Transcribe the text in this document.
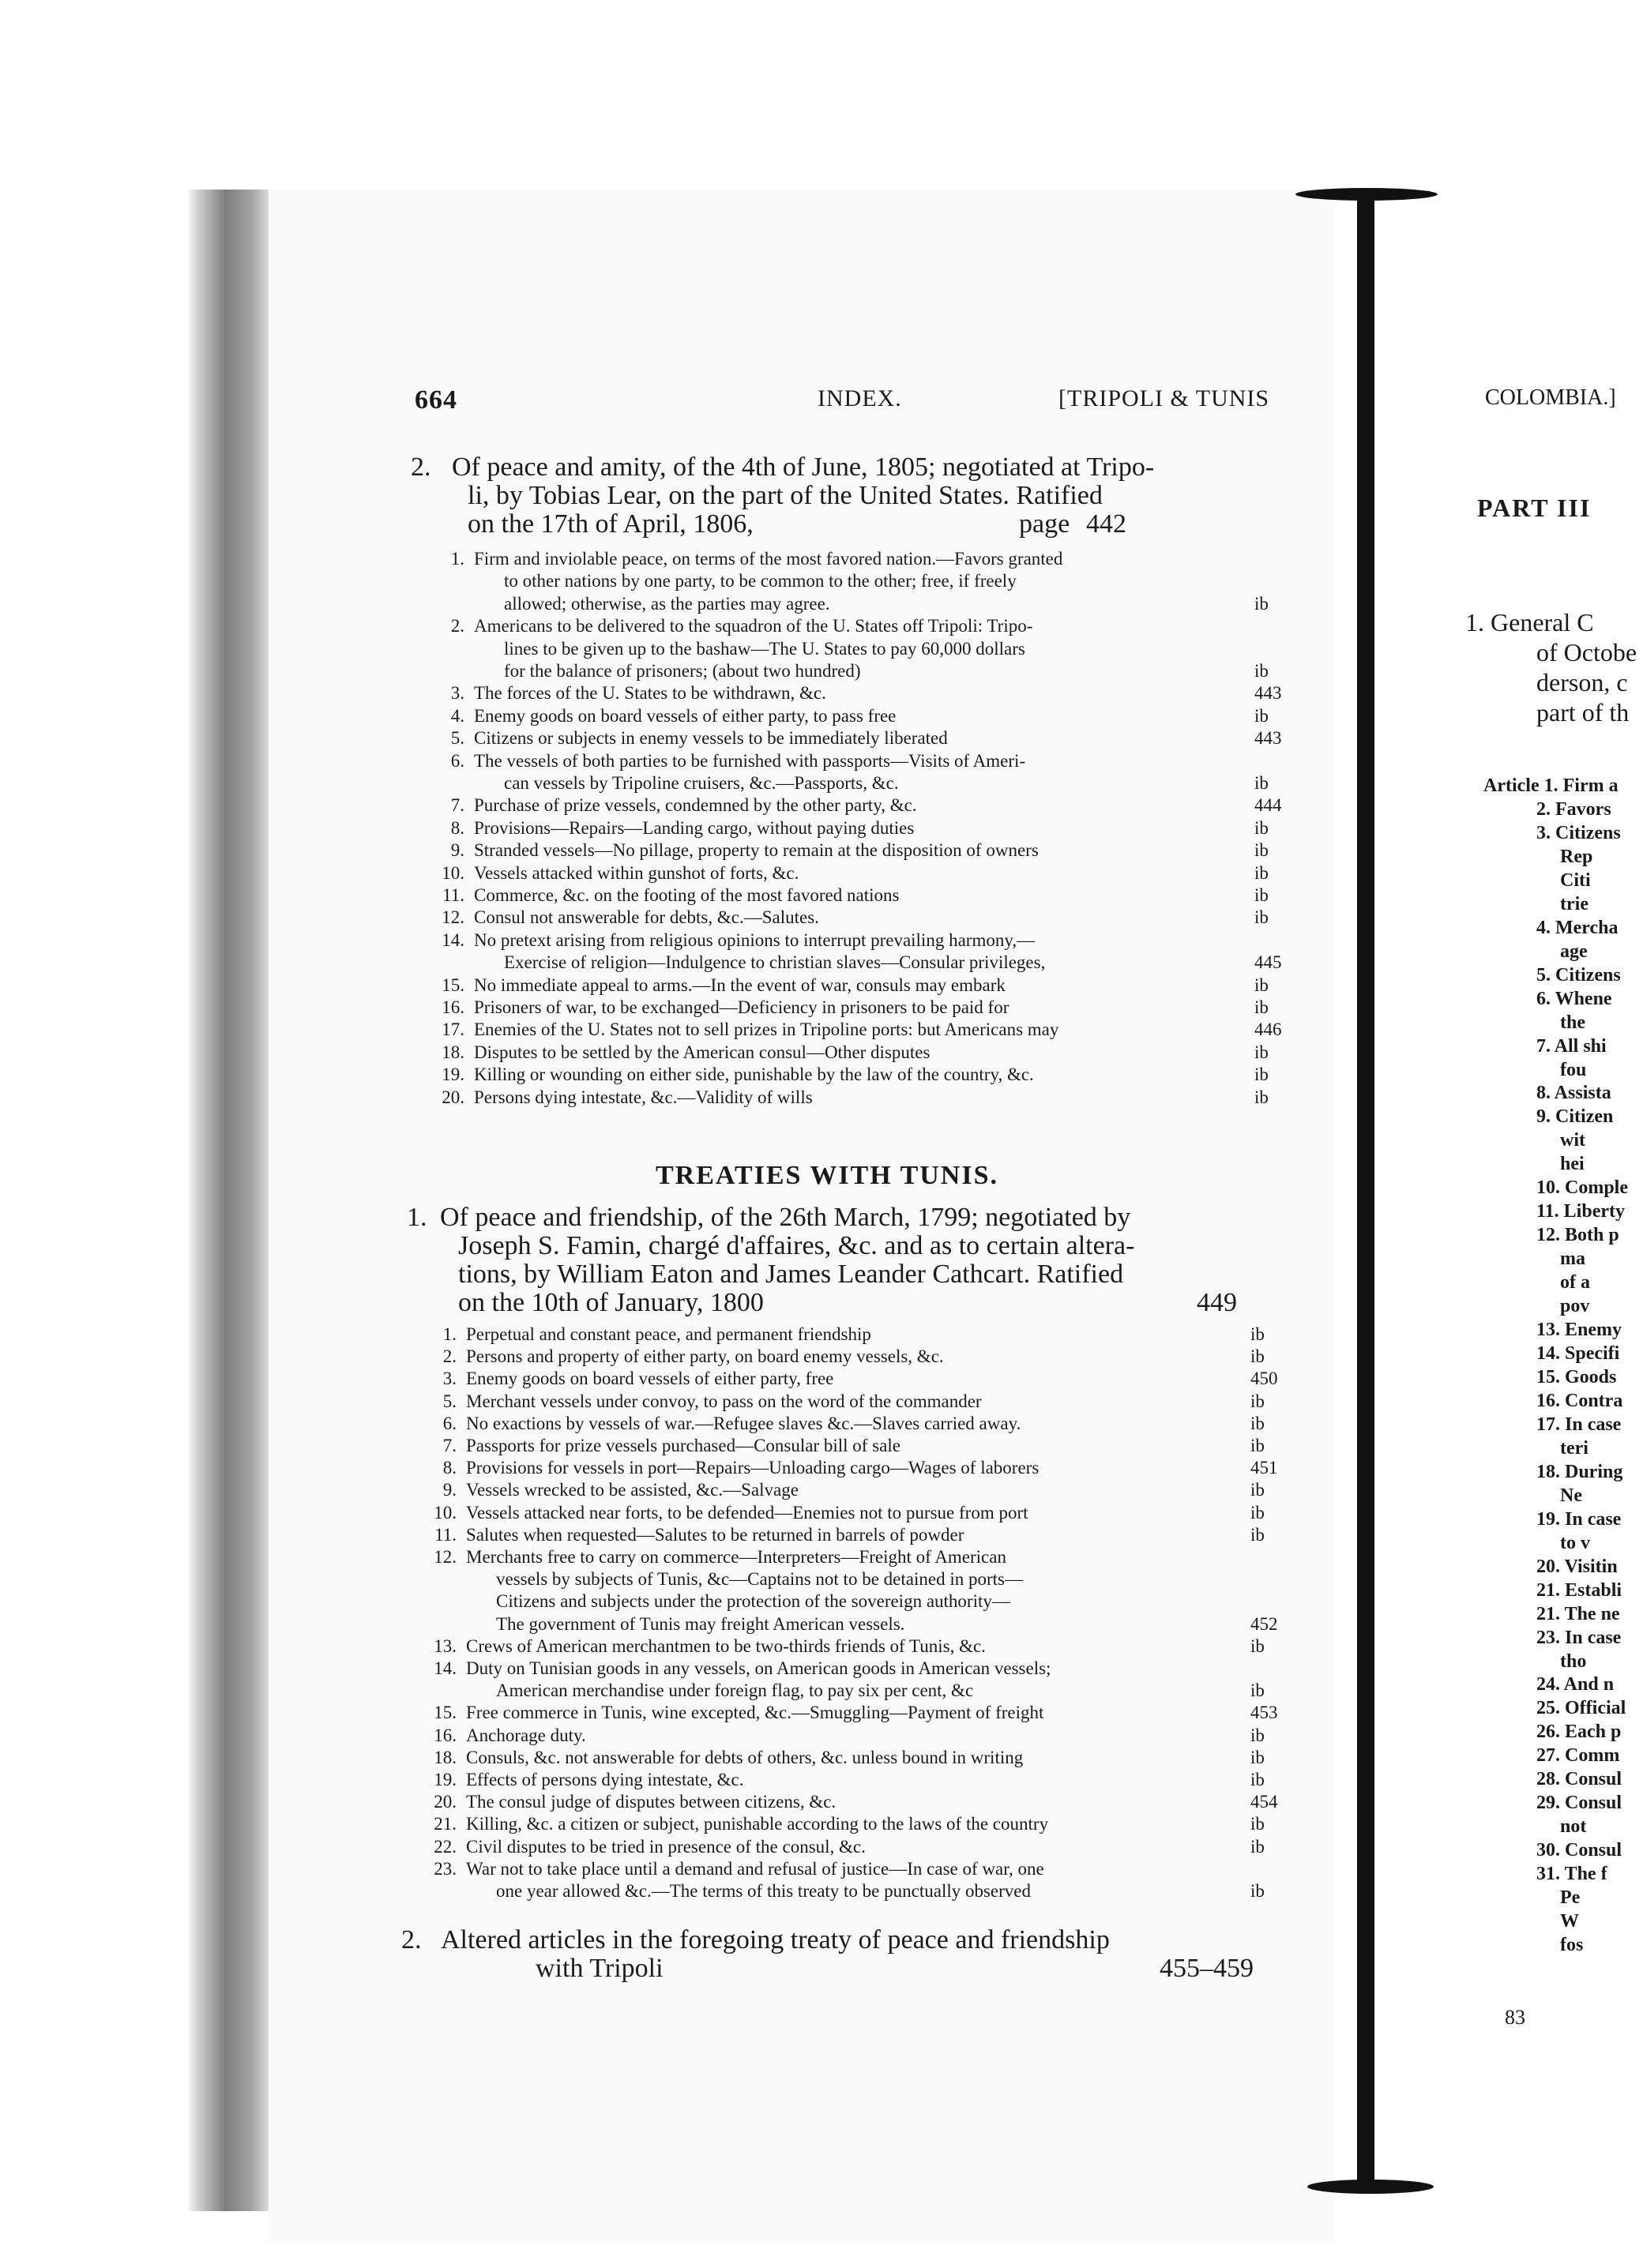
664	INDEX.	[TRIPOLI & TUNIS
2. Of peace and amity, of the 4th of June, 1805; negotiated at Tripo-
li, by Tobias Lear, on the part of the United States. Ratified
on the 17th of April, 1806,	page 442
1. Firm and inviolable peace, on terms of the most favored nation.—Favors granted
to other nations by one party, to be common to the other; free, if freely
allowed; otherwise, as the parties may agree.	ib
2. Americans to be delivered to the squadron of the U. States off Tripoli: Tripo-
lines to be given up to the bashaw—The U. States to pay 60,000 dollars
for the balance of prisoners; (about two hundred)	ib
3. The forces of the U. States to be withdrawn, &c.	443
4. Enemy goods on board vessels of either party, to pass free	ib
5. Citizens or subjects in enemy vessels to be immediately liberated	443
6. The vessels of both parties to be furnished with passports—Visits of Ameri-
can vessels by Tripoline cruisers, &c.—Passports, &c.	ib
7. Purchase of prize vessels, condemned by the other party, &c.	444
8. Provisions—Repairs—Landing cargo, without paying duties	ib
9. Stranded vessels—No pillage, property to remain at the disposition of owners	ib
10. Vessels attacked within gunshot of forts, &c.	ib
11. Commerce, &c. on the footing of the most favored nations	ib
12. Consul not answerable for debts, &c.—Salutes.	ib
14. No pretext arising from religious opinions to interrupt prevailing harmony,—
Exercise of religion—Indulgence to christian slaves—Consular privileges,	445
15. No immediate appeal to arms.—In the event of war, consuls may embark	ib
16. Prisoners of war, to be exchanged—Deficiency in prisoners to be paid for	ib
17. Enemies of the U. States not to sell prizes in Tripoline ports: but Americans may	446
18. Disputes to be settled by the American consul—Other disputes	ib
19. Killing or wounding on either side, punishable by the law of the country, &c.	ib
20. Persons dying intestate, &c.—Validity of wills	ib
TREATIES WITH TUNIS.
1. Of peace and friendship, of the 26th March, 1799; negotiated by
Joseph S. Famin, chargé d'affaires, &c. and as to certain altera-
tions, by William Eaton and James Leander Cathcart. Ratified
on the 10th of January, 1800	449
1. Perpetual and constant peace, and permanent friendship	ib
2. Persons and property of either party, on board enemy vessels, &c.	ib
3. Enemy goods on board vessels of either party, free	450
5. Merchant vessels under convoy, to pass on the word of the commander	ib
6. No exactions by vessels of war.—Refugee slaves &c.—Slaves carried away.	ib
7. Passports for prize vessels purchased—Consular bill of sale	ib
8. Provisions for vessels in port—Repairs—Unloading cargo—Wages of laborers	451
9. Vessels wrecked to be assisted, &c.—Salvage	ib
10. Vessels attacked near forts, to be defended—Enemies not to pursue from port	ib
11. Salutes when requested—Salutes to be returned in barrels of powder	ib
12. Merchants free to carry on commerce—Interpreters—Freight of American
vessels by subjects of Tunis, &c—Captains not to be detained in ports—
Citizens and subjects under the protection of the sovereign authority—
The government of Tunis may freight American vessels.	452
13. Crews of American merchantmen to be two-thirds friends of Tunis, &c.	ib
14. Duty on Tunisian goods in any vessels, on American goods in American vessels;
American merchandise under foreign flag, to pay six per cent, &c	ib
15. Free commerce in Tunis, wine excepted, &c.—Smuggling—Payment of freight	453
16. Anchorage duty.	ib
18. Consuls, &c. not answerable for debts of others, &c. unless bound in writing	ib
19. Effects of persons dying intestate, &c.	ib
20. The consul judge of disputes between citizens, &c.	454
21. Killing, &c. a citizen or subject, punishable according to the laws of the country	ib
22. Civil disputes to be tried in presence of the consul, &c.	ib
23. War not to take place until a demand and refusal of justice—In case of war, one
one year allowed &c.—The terms of this treaty to be punctually observed	ib
2. Altered articles in the foregoing treaty of peace and friendship
with Tripoli	455–459
COLOMBIA.]
PART III
1. General C
of Octobe
derson, c
part of th
Article 1. Firm a
2. Favors
3. Citizens
Rep
Citi
trie
4. Mercha
age
5. Citizens
6. Whene
the
7. All shi
fou
8. Assista
9. Citizen
wit
hei
10. Comple
11. Liberty
12. Both p
ma
of a
pov
13. Enemy
14. Specifi
15. Goods
16. Contra
17. In case
teri
18. During
Ne
19. In case
to v
20. Visitin
21. Establi
21. The ne
23. In case
tho
24. And n
25. Official
26. Each p
27. Comm
28. Consul
29. Consul
not
30. Consul
31. The f
Pe
W
fos
83
